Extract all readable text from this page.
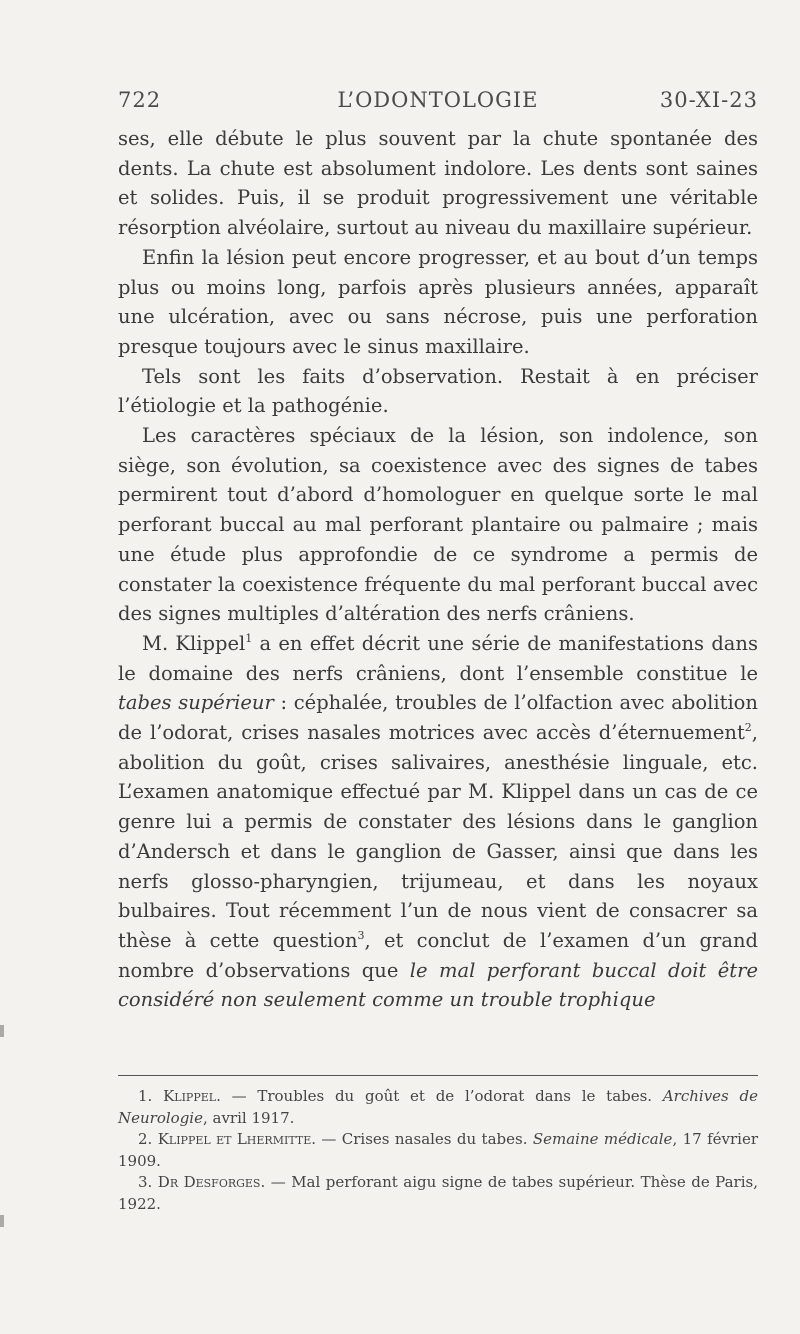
722	L’ODONTOLOGIE	30-XI-23

ses, elle débute le plus souvent par la chute spontanée des dents. La chute est absolument indolore. Les dents sont saines et solides. Puis, il se produit progressivement une véritable résorption alvéolaire, surtout au niveau du maxillaire supérieur.

Enfin la lésion peut encore progresser, et au bout d’un temps plus ou moins long, parfois après plusieurs années, apparaît une ulcération, avec ou sans nécrose, puis une perforation presque toujours avec le sinus maxillaire.

Tels sont les faits d’observation. Restait à en préciser l’étiologie et la pathogénie.

Les caractères spéciaux de la lésion, son indolence, son siège, son évolution, sa coexistence avec des signes de tabes permirent tout d’abord d’homologuer en quelque sorte le mal perforant buccal au mal perforant plantaire ou palmaire ; mais une étude plus approfondie de ce syndrome a permis de constater la coexistence fréquente du mal perforant buccal avec des signes multiples d’altération des nerfs crâniens.

M. Klippel$^1$ a en effet décrit une série de manifestations dans le domaine des nerfs crâniens, dont l’ensemble constitue le tabes supérieur : céphalée, troubles de l’olfaction avec abolition de l’odorat, crises nasales motrices avec accès d’éternuement$^2$, abolition du goût, crises salivaires, anesthésie linguale, etc. L’examen anatomique effectué par M. Klippel dans un cas de ce genre lui a permis de constater des lésions dans le ganglion d’Andersch et dans le ganglion de Gasser, ainsi que dans les nerfs glosso-pharyngien, trijumeau, et dans les noyaux bulbaires. Tout récemment l’un de nous vient de consacrer sa thèse à cette question$^3$, et conclut de l’examen d’un grand nombre d’observations que le mal perforant buccal doit être considéré non seulement comme un trouble trophique

1. Klippel. — Troubles du goût et de l’odorat dans le tabes. Archives de Neurologie, avril 1917.

2. Klippel et Lhermitte. — Crises nasales du tabes. Semaine médicale, 17 février 1909.

3. Dr Desforges. — Mal perforant aigu signe de tabes supérieur. Thèse de Paris, 1922.
